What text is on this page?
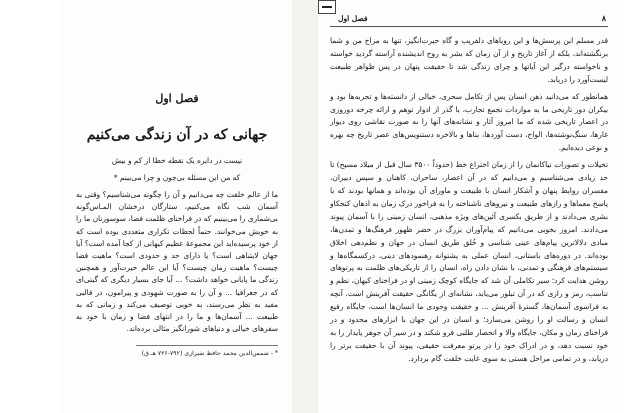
فصل اول
جهانی که در آن زندگی می‌کنیم
نیست در دایره یک نقطه خطا از کم و بیش
که من این مسئله بی‌چون و چرا می‌بینم *

ما از عالم خلقت چه می‌دانیم و آن را چگونه می‌شناسیم؟ وقتی به آسمان شب نگاه می‌کنیم، ستارگان درخشان المـاس‌گونه بی‌شماری را می‌بینیم که در فراخنای ظلمت فضا، سوسوزنان ما را به خویش می‌خوانند. حتماً لحظات تکراری متعددی بوده است که از خود پرسیده‌اید این مجموعهٔ عظیم کیهانی از کجا آمده است؟ آیا جهان لایتناهی است؟ یا دارای حد و حدودی است؟ ماهیت فضا چیست؟ ماهیت زمان چیست؟ آیا این عالم حیرت‌آور و همچنین زندگی ما پایانی خواهد داشت؟ ... آیا جای بسیار دیگری که گیتی‌ای که در جغرافیا ... و آن را به صورت شهودی و پیرامون، در قالبی مفید به نظر می‌رسند، به خوبی توصیف می‌کند و زمانی که به طبیعت ... آسمان‌ها و ما را در انتهای فضا و زمان با خود به سفرهای خیالی و دنیاهای شورانگیز مثالی برده‌اند.

* - شمس‌الدین محمد حافظ شیرازی (۷۹۲-۷۲۶ هـ.ق)
۸
فصل اول

قدر مسلم این پرسش‌ها و این رویاهای دلفریب و گاه حیرت‌انگیز، تنها به مزاج من و شما برنگشته‌اند، بلکه از آغاز تاریخ و از آن زمان که بشر به روح اندیشنده آراسته گردید خواسته و ناخواسته درگیر این آیاتها و چرای زندگی شد تا حقیقت پنهان در پس ظواهر طبیعت لیست‌آورد را دریابد.

همانطور که می‌دانید ذهن انسان پس از تکامل سحری، خیالی از دانسته‌ها و تجربه‌ها بود و بیکران دور تاریخی ما به مواردات تجمع تجارب، با گذر از ادوار توهم و ارائه چرخه دوروزی در اعصار تاریخی شده که ما امروز آثار و نشانه‌های آنها را به صورت نقاشی روی دیوار غارها، سنگ‌نوشته‌ها، الواح، دست آوردها، بناها و بالاخره دستنویس‌های عصر تاریخ چه بهره و نوعی دیده‌ایم.

تخیلات و تصورات نیاکانمان را از زمان اختراع خط (حدوداً ۳۵۰۰ سال قبل از میلاد مسیح) تا حد زیادی می‌شناسیم و می‌دانیم که در آن اعصار، ساحران، کاهنان و سپس دبیران، مفسران روابط پنهان و آشکار انسان با طبیعت و ماورای آن بوده‌اند و همانها بودند که با پاسخ معماها و رازهای طبیعت و نیروهای ناشناخته را به فراخور درک زمان به اذهان کنجکاو بشری می‌دادند و از طریق بکسری آئین‌های ویژه مذهبی، انسان زمینی را با آسمان پیوند می‌دادند. امروز بخوبی می‌دانیم که پیام‌آوران بزرگ در حضر ظهور فرهنگ‌ها و تمدن‌ها، مبادی دلالاترین پیام‌های عینی شناسی و خُلق طریق انسان در جهان و نظم‌دهی اخلاق بوده‌اند. در دوره‌های باستانی، انسان عملی به پشتوانه رهنمودهای دینی، درکسمگاه‌ها و سیستم‌های فرهنگی و تمدنی، با نشان دادن راه، انسان را از تاریکی‌های ظلمت به پرتوهای روشن هدایت کرد؛ سیر تکاملی آن شد که جایگاه کوچک زمینی او در فراخنای کیهان، نظم و تناسب، رمز و رازی که در آن تبلور می‌یابد، نشانه‌ای از یگانگی حقیقت آفرینش است. آنچه به فراسوی آسمان‌ها، گسترهٔ آفرینش ... و حقیقت وجودی ما انسان‌ها است، جایگاه رفیع انسان و رسالت او را روشن می‌سازد؛ و انسان در این جهان با ابزارهای محدود و در فراخنای زمان و مکان، جایگاه والا و انحصار طلبی فرو شکند و در سیر آن جوهر پایدار را به خود نسبت دهد، و در ادراک خود را در پرتو معرفت حقیقی، پیوند آن با حقیقت برتر را دریابد، و در تمامی مراحل هستی به سوی غایت خلقت گام بردارد.
